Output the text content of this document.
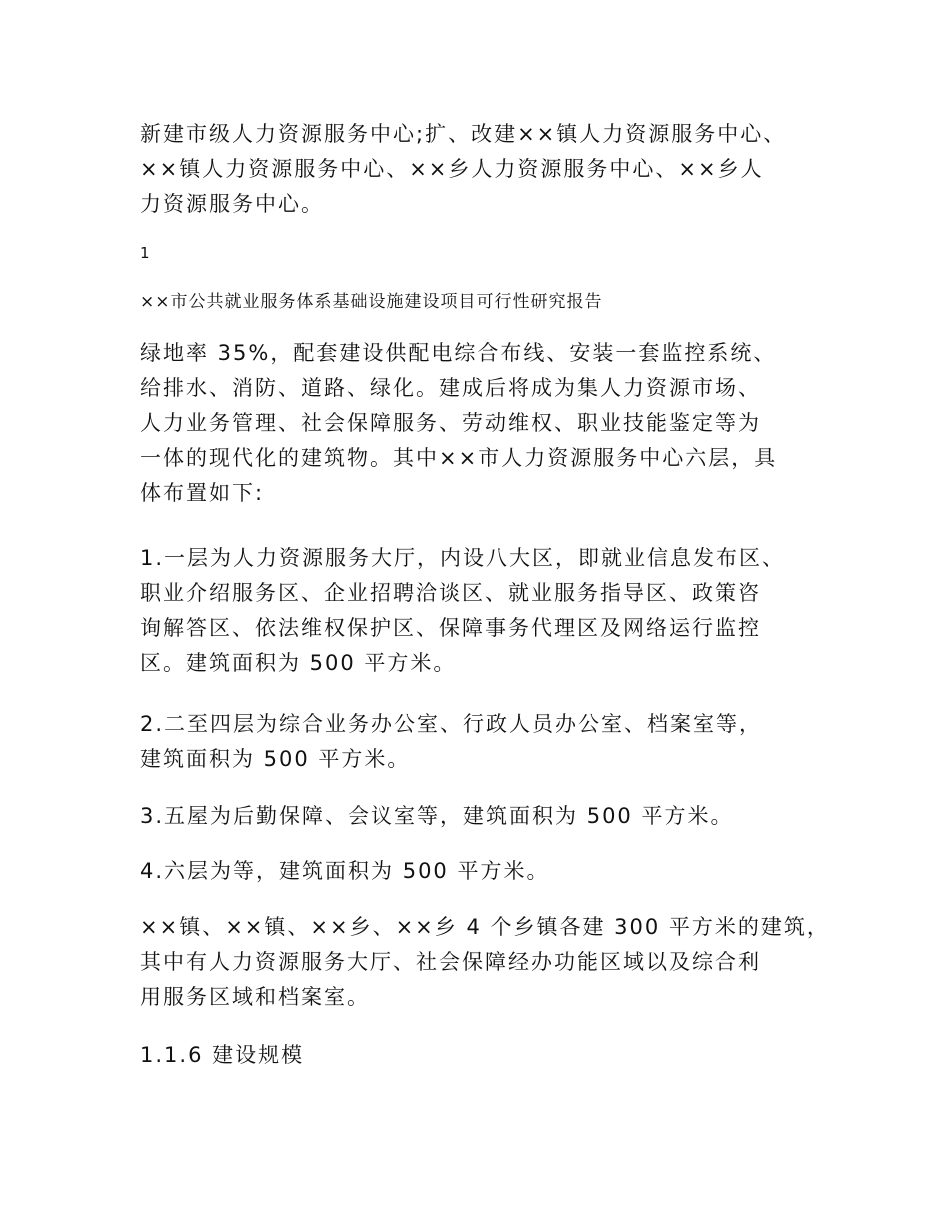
新建市级人力资源服务中心;扩、改建××镇人力资源服务中心、
××镇人力资源服务中心、××乡人力资源服务中心、××乡人
力资源服务中心。

绿地率 35%，配套建设供配电综合布线、安装一套监控系统、
给排水、消防、道路、绿化。建成后将成为集人力资源市场、
人力业务管理、社会保障服务、劳动维权、职业技能鉴定等为
一体的现代化的建筑物。其中××市人力资源服务中心六层，具
体布置如下:

1.一层为人力资源服务大厅，内设八大区，即就业信息发布区、
职业介绍服务区、企业招聘洽谈区、就业服务指导区、政策咨
询解答区、依法维权保护区、保障事务代理区及网络运行监控
区。建筑面积为 500 平方米。

2.二至四层为综合业务办公室、行政人员办公室、档案室等，
建筑面积为 500 平方米。

3.五屋为后勤保障、会议室等，建筑面积为 500 平方米。

4.六层为等，建筑面积为 500 平方米。

××镇、××镇、××乡、××乡 4 个乡镇各建 300 平方米的建筑，
其中有人力资源服务大厅、社会保障经办功能区域以及综合利
用服务区域和档案室。

1.1.6 建设规模

1

××市公共就业服务体系基础设施建设项目可行性研究报告
